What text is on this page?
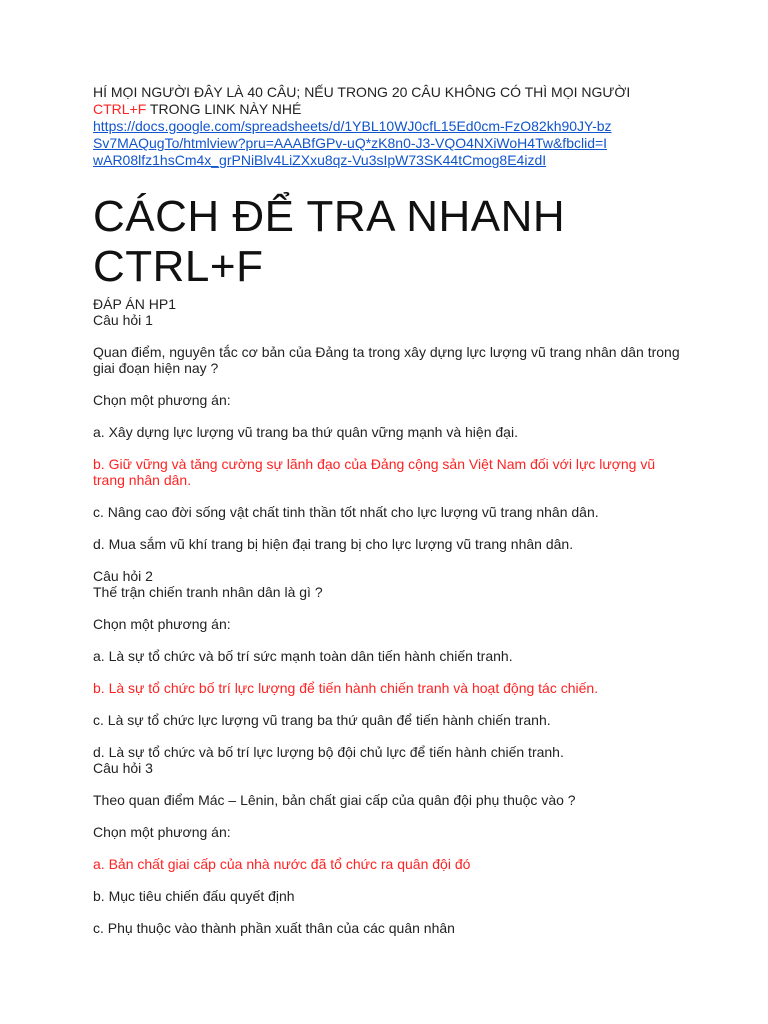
HÍ MỌI NGƯỜI ĐÂY LÀ 40 CÂU; NẾU TRONG 20 CÂU KHÔNG CÓ THÌ MỌI NGƯỜI
CTRL+F TRONG LINK NÀY NHÉ

https://docs.google.com/spreadsheets/d/1YBL10WJ0cfL15Ed0cm-FzO82kh90JY-bzSv7MAQugTo/htmlview?pru=AAABfGPv-uQ*zK8n0-J3-VQO4NXiWoH4Tw&fbclid=IwAR08lfz1hsCm4x_grPNiBlv4LiZXxu8qz-Vu3sIpW73SK44tCmog8E4izdI
CÁCH ĐỂ TRA NHANH
CTRL+F

ĐÁP ÁN HP1

Câu hỏi 1

Quan điểm, nguyên tắc cơ bản của Đảng ta trong xây dựng lực lượng vũ trang nhân dân trong giai đoạn hiện nay ?

Chọn một phương án:

a. Xây dựng lực lượng vũ trang ba thứ quân vững mạnh và hiện đại.

b. Giữ vững và tăng cường sự lãnh đạo của Đảng cộng sản Việt Nam đối với lực lượng vũ trang nhân dân.

c. Nâng cao đời sống vật chất tinh thần tốt nhất cho lực lượng vũ trang nhân dân.

d. Mua sắm vũ khí trang bị hiện đại trang bị cho lực lượng vũ trang nhân dân.

Câu hỏi 2

Thế trận chiến tranh nhân dân là gì ?

Chọn một phương án:

a. Là sự tổ chức và bố trí sức mạnh toàn dân tiến hành chiến tranh.

b. Là sự tổ chức bố trí lực lượng để tiến hành chiến tranh và hoạt động tác chiến.

c. Là sự tổ chức lực lượng vũ trang ba thứ quân để tiến hành chiến tranh.

d. Là sự tổ chức và bố trí lực lượng bộ đội chủ lực để tiến hành chiến tranh.

Câu hỏi 3

Theo quan điểm Mác – Lênin, bản chất giai cấp của quân đội phụ thuộc vào ?

Chọn một phương án:

a. Bản chất giai cấp của nhà nước đã tổ chức ra quân đội đó

b. Mục tiêu chiến đấu quyết định

c. Phụ thuộc vào thành phần xuất thân của các quân nhân
